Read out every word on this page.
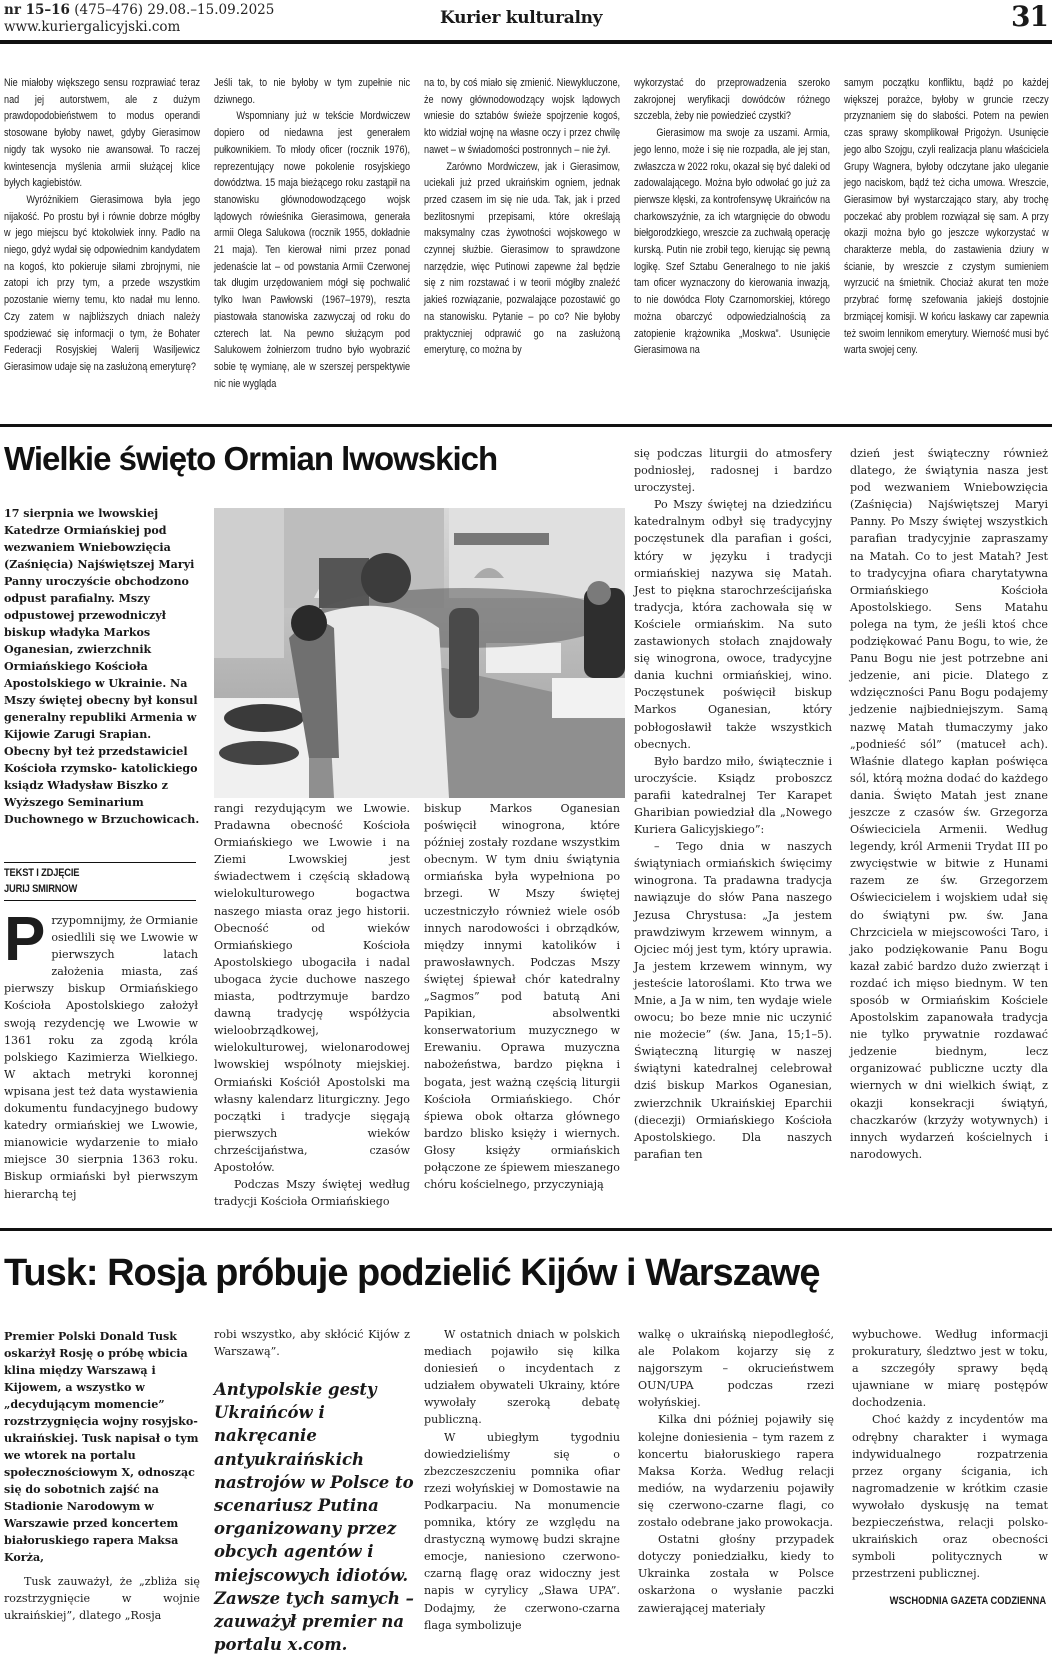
nr 15–16 (475–476) 29.08.–15.09.2025
www.kuriergalicyjski.com	Kurier kulturalny	31

Nie miałoby większego sensu rozprawiać teraz nad jej autorstwem, ale z dużym prawdopodobieństwem to modus operandi stosowane byłoby nawet, gdyby Gierasimow nigdy tak wysoko nie awansował. To raczej kwintesencja myślenia armii służącej klice byłych kagiebistów.

Wyróżnikiem Gierasimowa była jego nijakość. Po prostu był i równie dobrze mógłby w jego miejscu być ktokolwiek inny. Padło na niego, gdyż wydał się odpowiednim kandydatem na kogoś, kto pokieruje siłami zbrojnymi, nie zatopi ich przy tym, a przede wszystkim pozostanie wierny temu, kto nadał mu lenno. Czy zatem w najbliższych dniach należy spodziewać się informacji o tym, że Bohater Federacji Rosyjskiej Walerij Wasiljewicz Gierasimow udaje się na zasłużoną emeryturę?

Jeśli tak, to nie byłoby w tym zupełnie nic dziwnego.

Wspomniany już w tekście Mordwiczew dopiero od niedawna jest generałem pułkownikiem. To młody oficer (rocznik 1976), reprezentujący nowe pokolenie rosyjskiego dowództwa. 15 maja bieżącego roku zastąpił na stanowisku głównodowodzącego wojsk lądowych rówieśnika Gierasimowa, generała armii Olega Salukowa (rocznik 1955, dokładnie 21 maja). Ten kierował nimi przez ponad jedenaście lat – od powstania Armii Czerwonej tak długim urzędowaniem mógł się pochwalić tylko Iwan Pawłowski (1967–1979), reszta piastowała stanowiska zazwyczaj od roku do czterech lat. Na pewno służącym pod Salukowem żołnierzom trudno było wyobrazić sobie tę wymianę, ale w szerszej perspektywie nic nie wygląda

na to, by coś miało się zmienić. Niewykluczone, że nowy głównodowodzący wojsk lądowych wniesie do sztabów świeże spojrzenie kogoś, kto widział wojnę na własne oczy i przez chwilę nawet – w świadomości postronnych – nie żył.

Zarówno Mordwiczew, jak i Gierasimow, uciekali już przed ukraińskim ogniem, jednak przed czasem im się nie uda. Tak, jak i przed bezlitosnymi przepisami, które określają maksymalny czas żywotności wojskowego w czynnej służbie. Gierasimow to sprawdzone narzędzie, więc Putinowi zapewne żal będzie się z nim rozstawać i w teorii mógłby znaleźć jakieś rozwiązanie, pozwalające pozostawić go na stanowisku. Pytanie – po co? Nie byłoby praktyczniej odprawić go na zasłużoną emeryturę, co można by

wykorzystać do przeprowadzenia szeroko zakrojonej weryfikacji dowódców różnego szczebla, żeby nie powiedzieć czystki?

Gierasimow ma swoje za uszami. Armia, jego lenno, może i się nie rozpadła, ale jej stan, zwłaszcza w 2022 roku, okazał się być daleki od zadowalającego. Można było odwołać go już za pierwsze klęski, za kontrofensywę Ukraińców na charkowszyźnie, za ich wtargnięcie do obwodu biełgorodzkiego, wreszcie za zuchwałą operację kurską. Putin nie zrobił tego, kierując się pewną logikę. Szef Sztabu Generalnego to nie jakiś tam oficer wyznaczony do kierowania inwazją, to nie dowódca Floty Czarnomorskiej, którego można obarczyć odpowiedzialnością za zatopienie krążownika „Moskwa”. Usunięcie Gierasimowa na

samym początku konfliktu, bądź po każdej większej porażce, byłoby w gruncie rzeczy przyznaniem się do słabości. Potem na pewien czas sprawy skomplikował Prigożyn. Usunięcie jego albo Szojgu, czyli realizacja planu właściciela Grupy Wagnera, byłoby odczytane jako uleganie jego naciskom, bądź też cicha umowa. Wreszcie, Gierasimow był wystarczająco stary, aby trochę poczekać aby problem rozwiązał się sam. A przy okazji można było go jeszcze wykorzystać w charakterze mebla, do zastawienia dziury w ścianie, by wreszcie z czystym sumieniem wyrzucić na śmietnik. Chociaż akurat ten może przybrać formę szefowania jakiejś dostojnie brzmiącej komisji. W końcu łaskawy car zapewnia też swoim lennikom emerytury. Wierność musi być warta swojej ceny.

Wielkie święto Ormian lwowskich
17 sierpnia we lwowskiej Katedrze Ormiańskiej pod wezwaniem Wniebowzięcia (Zaśnięcia) Najświętszej Maryi Panny uroczyście obchodzono odpust parafialny. Mszy odpustowej przewodniczył biskup władyka Markos Oganesian, zwierzchnik Ormiańskiego Kościoła Apostolskiego w Ukrainie. Na Mszy świętej obecny był konsul generalny republiki Armenia w Kijowie Zarugi Srapian. Obecny był też przedstawiciel Kościoła rzymsko- katolickiego ksiądz Władysław Biszko z Wyższego Seminarium Duchownego w Brzuchowicach.
TEKST I ZDJĘCIE
JURIJ SMIRNOW
Przypomnijmy, że Ormianie osiedlili się we Lwowie w pierwszych latach założenia miasta, zaś pierwszy biskup Ormiańskiego Kościoła Apostolskiego założył swoją rezydencję we Lwowie w 1361 roku za zgodą króla polskiego Kazimierza Wielkiego. W aktach metryki koronnej wpisana jest też data wystawienia dokumentu fundacyjnego budowy katedry ormiańskiej we Lwowie, mianowicie wydarzenie to miało miejsce 30 sierpnia 1363 roku. Biskup ormiański był pierwszym hierarchą tej

rangi rezydującym we Lwowie. Pradawna obecność Kościoła Ormiańskiego we Lwowie i na Ziemi Lwowskiej jest świadectwem i częścią składową wielokulturowego bogactwa naszego miasta oraz jego historii. Obecność od wieków Ormiańskiego Kościoła Apostolskiego ubogaciła i nadal ubogaca życie duchowe naszego miasta, podtrzymuje bardzo dawną tradycję współżycia wieloobrządkowej, wielokulturowej, wielonarodowej lwowskiej wspólnoty miejskiej. Ormiański Kościół Apostolski ma własny kalendarz liturgiczny. Jego początki i tradycje sięgają pierwszych wieków chrześcijaństwa, czasów Apostołów.

Podczas Mszy świętej według tradycji Kościoła Ormiańskiego

biskup Markos Oganesian poświęcił winogrona, które później zostały rozdane wszystkim obecnym. W tym dniu świątynia ormiańska była wypełniona po brzegi. W Mszy świętej uczestniczyło również wiele osób innych narodowości i obrządków, między innymi katolików i prawosławnych. Podczas Mszy świętej śpiewał chór katedralny „Sagmos” pod batutą Ani Papikian, absolwentki konserwatorium muzycznego w Erewaniu. Oprawa muzyczna nabożeństwa, bardzo piękna i bogata, jest ważną częścią liturgii Kościoła Ormiańskiego. Chór śpiewa obok ołtarza głównego bardzo blisko księży i wiernych. Głosy księży ormiańskich połączone ze śpiewem mieszanego chóru kościelnego, przyczyniają

się podczas liturgii do atmosfery podniosłej, radosnej i bardzo uroczystej.

Po Mszy świętej na dziedzińcu katedralnym odbył się tradycyjny poczęstunek dla parafian i gości, który w języku i tradycji ormiańskiej nazywa się Matah. Jest to piękna starochrześcijańska tradycja, która zachowała się w Kościele ormiańskim. Na suto zastawionych stołach znajdowały się winogrona, owoce, tradycyjne dania kuchni ormiańskiej, wino. Poczęstunek poświęcił biskup Markos Oganesian, który pobłogosławił także wszystkich obecnych.

Było bardzo miło, świątecznie i uroczyście. Ksiądz proboszcz parafii katedralnej Ter Karapet Gharibian powiedział dla „Nowego Kuriera Galicyjskiego”:

– Tego dnia w naszych świątyniach ormiańskich święcimy winogrona. Ta pradawna tradycja nawiązuje do słów Pana naszego Jezusa Chrystusa: „Ja jestem prawdziwym krzewem winnym, a Ojciec mój jest tym, który uprawia. Ja jestem krzewem winnym, wy jesteście latoroślami. Kto trwa we Mnie, a Ja w nim, ten wydaje wiele owocu; bo beze mnie nic uczynić nie możecie” (św. Jana, 15;1–5). Świąteczną liturgię w naszej świątyni katedralnej celebrował dziś biskup Markos Oganesian, zwierzchnik Ukraińskiej Eparchii (diecezji) Ormiańskiego Kościoła Apostolskiego. Dla naszych parafian ten

dzień jest świąteczny również dlatego, że świątynia nasza jest pod wezwaniem Wniebowzięcia (Zaśnięcia) Najświętszej Maryi Panny. Po Mszy świętej wszystkich parafian tradycyjnie zapraszamy na Matah. Co to jest Matah? Jest to tradycyjna ofiara charytatywna Ormiańskiego Kościoła Apostolskiego. Sens Matahu polega na tym, że jeśli ktoś chce podziękować Panu Bogu, to wie, że Panu Bogu nie jest potrzebne ani jedzenie, ani picie. Dlatego z wdzięczności Panu Bogu podajemy jedzenie najbiedniejszym. Samą nazwę Matah tłumaczymy jako „podnieść sól” (matuceł ach). Właśnie dlatego kapłan poświęca sól, którą można dodać do każdego dania. Święto Matah jest znane jeszcze z czasów św. Grzegorza Oświeciciela Armenii. Według legendy, król Armenii Trydat III po zwycięstwie w bitwie z Hunami razem ze św. Grzegorzem Oświecicielem i wojskiem udał się do świątyni pw. św. Jana Chrzciciela w miejscowości Taro, i jako podziękowanie Panu Bogu kazał zabić bardzo dużo zwierząt i rozdać ich mięso biednym. W ten sposób w Ormiańskim Kościele Apostolskim zapanowała tradycja nie tylko prywatnie rozdawać jedzenie biednym, lecz organizować publiczne uczty dla wiernych w dni wielkich świąt, z okazji konsekracji świątyń, chaczkarów (krzyży wotywnych) i innych wydarzeń kościelnych i narodowych.

Tusk: Rosja próbuje podzielić Kijów i Warszawę
Premier Polski Donald Tusk oskarżył Rosję o próbę wbicia klina między Warszawą i Kijowem, a wszystko w „decydującym momencie” rozstrzygnięcia wojny rosyjsko-ukraińskiej. Tusk napisał o tym we wtorek na portalu społecznościowym X, odnosząc się do sobotnich zajść na Stadionie Narodowym w Warszawie przed koncertem białoruskiego rapera Maksa Korża,

Tusk zauważył, że „zbliża się rozstrzygnięcie w wojnie ukraińskiej”, dlatego „Rosja

robi wszystko, aby skłócić Kijów z Warszawą”.

Antypolskie gesty Ukraińców i nakręcanie antyukraińskich nastrojów w Polsce to scenariusz Putina organizowany przez obcych agentów i miejscowych idiotów. Zawsze tych samych – zauważył premier na portalu x.com.

W ostatnich dniach w polskich mediach pojawiło się kilka doniesień o incydentach z udziałem obywateli Ukrainy, które wywołały szeroką debatę publiczną.

W ubiegłym tygodniu dowiedzieliśmy się o zbezczeszczeniu pomnika ofiar rzezi wołyńskiej w Domostawie na Podkarpaciu. Na monumencie pomnika, który ze względu na drastyczną wymowę budzi skrajne emocje, naniesiono czerwono-czarną flagę oraz widoczny jest napis w cyrylicy „Sława UPA”. Dodajmy, że czerwono-czarna flaga symbolizuje

walkę o ukraińską niepodległość, ale Polakom kojarzy się z najgorszym – okrucieństwem OUN/UPA podczas rzezi wołyńskiej.

Kilka dni później pojawiły się kolejne doniesienia – tym razem z koncertu białoruskiego rapera Maksa Korża. Według relacji mediów, na wydarzeniu pojawiły się czerwono-czarne flagi, co zostało odebrane jako prowokacja.

Ostatni głośny przypadek dotyczy poniedziałku, kiedy to Ukrainka została w Polsce oskarżona o wysłanie paczki zawierającej materiały

wybuchowe. Według informacji prokuratury, śledztwo jest w toku, a szczegóły sprawy będą ujawniane w miarę postępów dochodzenia.

Choć każdy z incydentów ma odrębny charakter i wymaga indywidualnego rozpatrzenia przez organy ścigania, ich nagromadzenie w krótkim czasie wywołało dyskusję na temat bezpieczeństwa, relacji polsko-ukraińskich oraz obecności symboli politycznych w przestrzeni publicznej.

WSCHODNIA GAZETA CODZIENNA
